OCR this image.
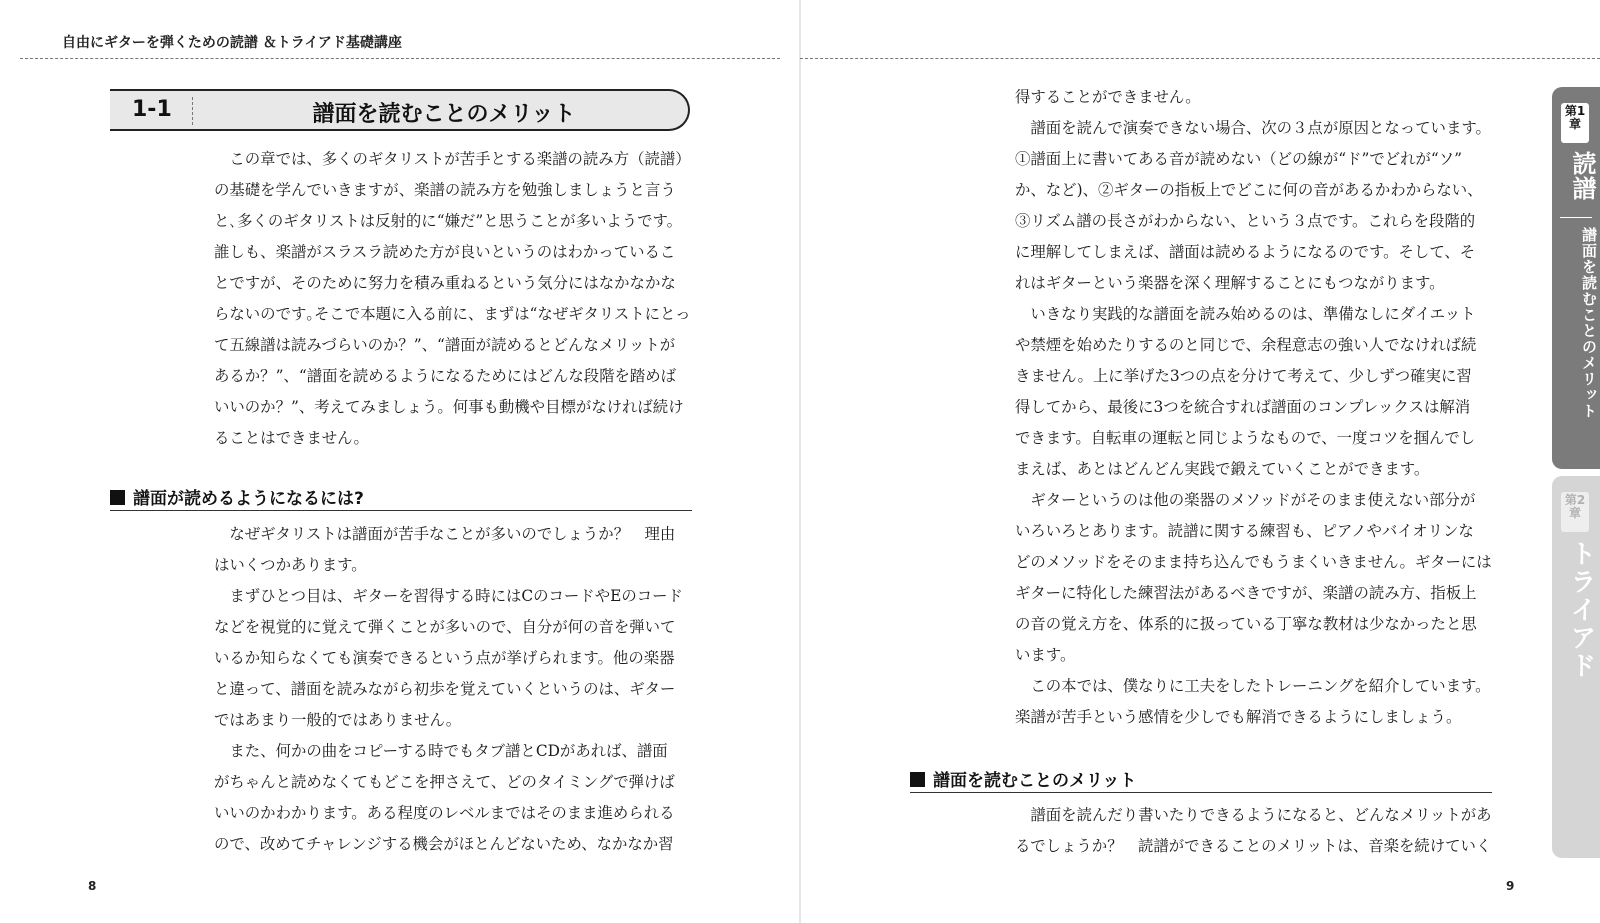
自由にギターを弾くための読譜 ＆トライアド基礎講座
1-1	譜面を読むことのメリット
　この章では、多くのギタリストが苦手とする楽譜の読み方（読譜）
の基礎を学んでいきますが、楽譜の読み方を勉強しましょうと言う
と､多くのギタリストは反射的に“嫌だ”と思うことが多いようです。
誰しも、楽譜がスラスラ読めた方が良いというのはわかっているこ
とですが、そのために努力を積み重ねるという気分にはなかなかな
らないのです｡そこで本題に入る前に、まずは“なぜギタリストにとっ
て五線譜は読みづらいのか？”、“譜面が読めるとどんなメリットが
あるか？”、“譜面を読めるようになるためにはどんな段階を踏めば
いいのか？”、考えてみましょう。何事も動機や目標がなければ続け
ることはできません。
譜面が読めるようになるには?
　なぜギタリストは譜面が苦手なことが多いのでしょうか？　理由
はいくつかあります。
　まずひとつ目は、ギターを習得する時にはCのコードやEのコード
などを視覚的に覚えて弾くことが多いので、自分が何の音を弾いて
いるか知らなくても演奏できるという点が挙げられます。他の楽器
と違って、譜面を読みながら初歩を覚えていくというのは、ギター
ではあまり一般的ではありません。
　また、何かの曲をコピーする時でもタブ譜とCDがあれば、譜面
がちゃんと読めなくてもどこを押さえて、どのタイミングで弾けば
いいのかわかります。ある程度のレベルまではそのまま進められる
ので、改めてチャレンジする機会がほとんどないため、なかなか習
8
得することができません。
　譜面を読んで演奏できない場合、次の３点が原因となっています。
①譜面上に書いてある音が読めない（どの線が“ド”でどれが“ソ”
か、など)、②ギターの指板上でどこに何の音があるかわからない、
③リズム譜の長さがわからない、という３点です。これらを段階的
に理解してしまえば、譜面は読めるようになるのです。そして、そ
れはギターという楽器を深く理解することにもつながります。
　いきなり実践的な譜面を読み始めるのは、準備なしにダイエット
や禁煙を始めたりするのと同じで、余程意志の強い人でなければ続
きません。上に挙げた3つの点を分けて考えて、少しずつ確実に習
得してから、最後に3つを統合すれば譜面のコンプレックスは解消
できます。自転車の運転と同じようなもので、一度コツを掴んでし
まえば、あとはどんどん実践で鍛えていくことができます。
　ギターというのは他の楽器のメソッドがそのまま使えない部分が
いろいろとあります。読譜に関する練習も、ピアノやバイオリンな
どのメソッドをそのまま持ち込んでもうまくいきません。ギターには
ギターに特化した練習法があるべきですが、楽譜の読み方、指板上
の音の覚え方を、体系的に扱っている丁寧な教材は少なかったと思
います。
　この本では、僕なりに工夫をしたトレーニングを紹介しています。
楽譜が苦手という感情を少しでも解消できるようにしましょう。
譜面を読むことのメリット
　譜面を読んだり書いたりできるようになると、どんなメリットがあ
るでしょうか？　読譜ができることのメリットは、音楽を続けていく
9
第1章
読譜
譜面を読むことのメリット
第2章
トライアド
